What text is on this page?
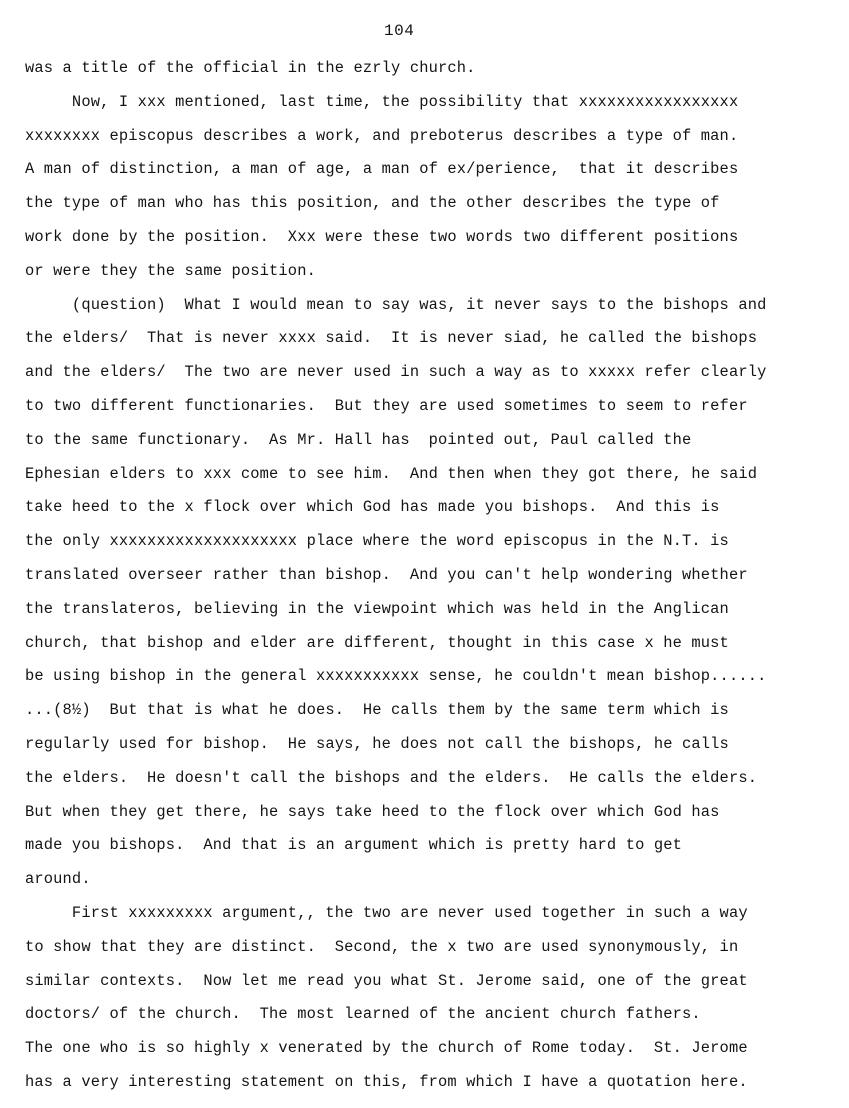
104
was a title of the official in the ezrly church.
Now, I xxx mentioned, last time, the possibility that xxxxxxxxxxxxxxxxx
xxxxxxxx episcopus describes a work, and preboterus describes a type of man.
A man of distinction, a man of age, a man of ex/perience,  that it describes
the type of man who has this position, and the other describes the type of
work done by the position.  Xxx were these two words two different positions
or were they the same position.
(question)  What I would mean to say was, it never says to the bishops and
the elders/  That is never xxxx said.  It is never siad, he called the bishops
and the elders/  The two are never used in such a way as to xxxxx refer clearly
to two different functionaries.  But they are used sometimes to seem to refer
to the same functionary.  As Mr. Hall has  pointed out, Paul called the
Ephesian elders to xxx come to see him.  And then when they got there, he said
take heed to the x flock over which God has made you bishops.  And this is
the only xxxxxxxxxxxxxxxxxxxx place where the word episcopus in the N.T. is
translated overseer rather than bishop.  And you can't help wondering whether
the translateros, believing in the viewpoint which was held in the Anglican
church, that bishop and elder are different, thought in this case x he must
be using bishop in the general xxxxxxxxxxx sense, he couldn't mean bishop......
...(8½)  But that is what he does.  He calls them by the same term which is
regularly used for bishop.  He says, he does not call the bishops, he calls
the elders.  He doesn't call the bishops and the elders.  He calls the elders.
But when they get there, he says take heed to the flock over which God has
made you bishops.  And that is an argument which is pretty hard to get
around.
First xxxxxxxxx argument,, the two are never used together in such a way
to show that they are distinct.  Second, the x two are used synonymously, in
similar contexts.  Now let me read you what St. Jerome said, one of the great
doctors/ of the church.  The most learned of the ancient church fathers.
The one who is so highly x venerated by the church of Rome today.  St. Jerome
has a very interesting statement on this, from which I have a quotation here.
